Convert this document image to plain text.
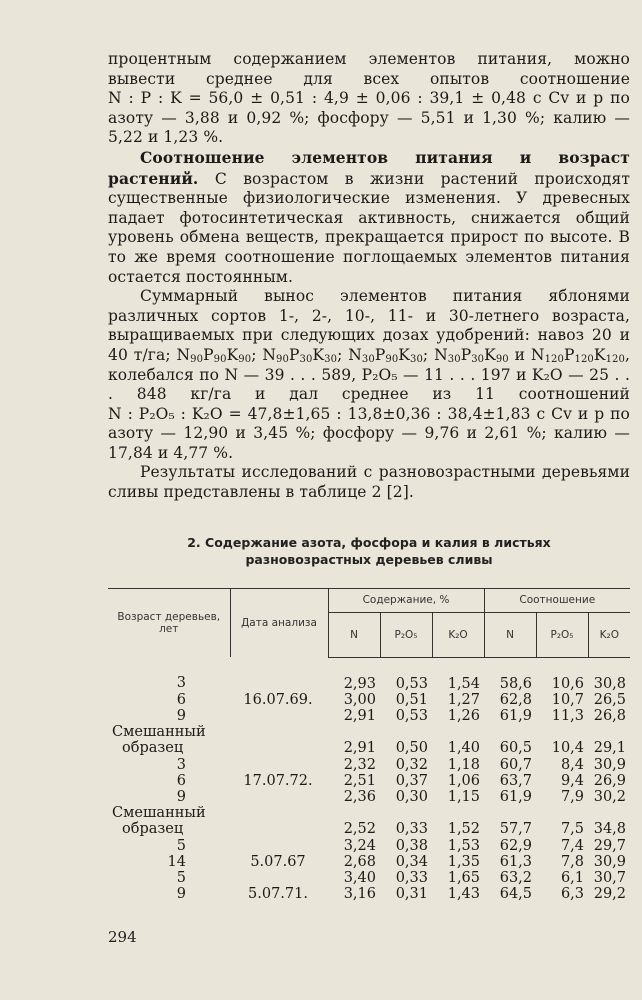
процентным содержанием элементов питания, можно вывести среднее для всех опытов соотношение N : P : K = 56,0 ± 0,51 : 4,9 ± 0,06 : 39,1 ± 0,48 с Cv и p по азоту — 3,88 и 0,92 %; фосфору — 5,51 и 1,30 %; калию — 5,22 и 1,23 %.

Соотношение элементов питания и возраст растений. С возрастом в жизни растений происходят существенные физиологические изменения. У древесных падает фотосинтетическая активность, снижается общий уровень обмена веществ, прекращается прирост по высоте. В то же время соотношение поглощаемых элементов питания остается постоянным.

Суммарный вынос элементов питания яблонями различных сортов 1-, 2-, 10-, 11- и 30-летнего возраста, выращиваемых при следующих дозах удобрений: навоз 20 и 40 т/га; $N_{90}P_{90}K_{90}$; $N_{90}P_{30}K_{30}$; $N_{30}P_{90}K_{30}$; $N_{30}P_{30}K_{90}$ и $N_{120}P_{120}K_{120}$, колебался по N — 39 . . . 589, P₂O₅ — 11 . . . 197 и K₂O — 25 . . . 848 кг/га и дал среднее из 11 соотношений N : P₂O₅ : K₂O = 47,8±1,65 : 13,8±0,36 : 38,4±1,83 с Cv и p по азоту — 12,90 и 3,45 %; фосфору — 9,76 и 2,61 %; калию — 17,84 и 4,77 %.

Результаты исследований с разновозрастными деревьями сливы представлены в таблице 2 [2].

2. Содержание азота, фосфора и калия в листьях
разновозрастных деревьев сливы
Возраст деревьев, лет	Дата анализа	Содержание, %			Соотношение		
		N	P₂O₅	K₂O	N	P₂O₅	K₂O
3		2,93	0,53	1,54	58,6	10,6	30,8
6	16.07.69.	3,00	0,51	1,27	62,8	10,7	26,5
9		2,91	0,53	1,26	61,9	11,3	26,8
Смешанный							
образец		2,91	0,50	1,40	60,5	10,4	29,1
3		2,32	0,32	1,18	60,7	8,4	30,9
6	17.07.72.	2,51	0,37	1,06	63,7	9,4	26,9
9		2,36	0,30	1,15	61,9	7,9	30,2
Смешанный							
образец		2,52	0,33	1,52	57,7	7,5	34,8
5		3,24	0,38	1,53	62,9	7,4	29,7
14	5.07.67	2,68	0,34	1,35	61,3	7,8	30,9
5		3,40	0,33	1,65	63,2	6,1	30,7
9	5.07.71.	3,16	0,31	1,43	64,5	6,3	29,2
294
